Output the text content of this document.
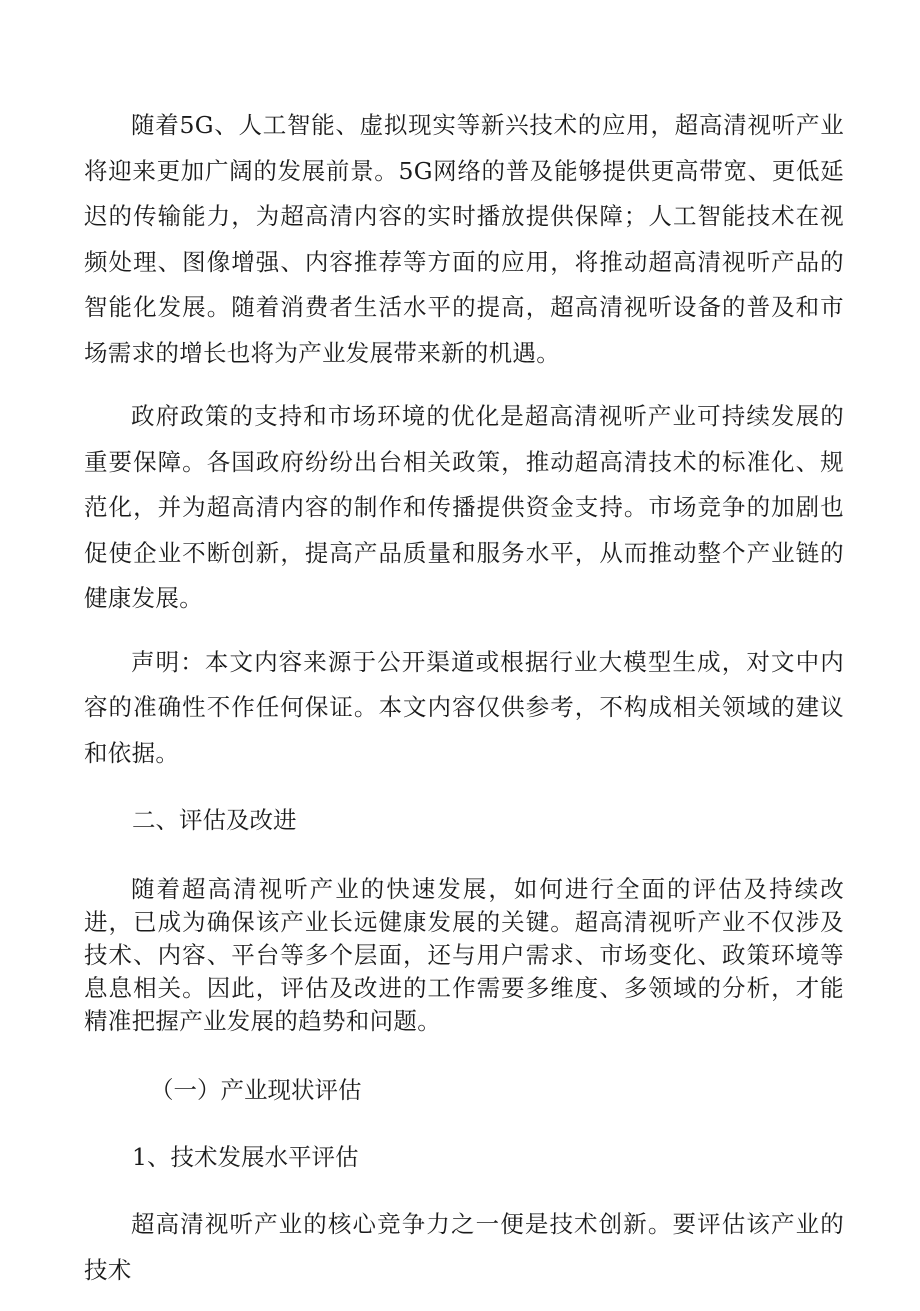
随着5G、人工智能、虚拟现实等新兴技术的应用，超高清视听产业将迎来更加广阔的发展前景。5G网络的普及能够提供更高带宽、更低延迟的传输能力，为超高清内容的实时播放提供保障；人工智能技术在视频处理、图像增强、内容推荐等方面的应用，将推动超高清视听产品的智能化发展。随着消费者生活水平的提高，超高清视听设备的普及和市场需求的增长也将为产业发展带来新的机遇。

政府政策的支持和市场环境的优化是超高清视听产业可持续发展的重要保障。各国政府纷纷出台相关政策，推动超高清技术的标准化、规范化，并为超高清内容的制作和传播提供资金支持。市场竞争的加剧也促使企业不断创新，提高产品质量和服务水平，从而推动整个产业链的健康发展。

声明：本文内容来源于公开渠道或根据行业大模型生成，对文中内容的准确性不作任何保证。本文内容仅供参考，不构成相关领域的建议和依据。

二、评估及改进

随着超高清视听产业的快速发展，如何进行全面的评估及持续改进，已成为确保该产业长远健康发展的关键。超高清视听产业不仅涉及技术、内容、平台等多个层面，还与用户需求、市场变化、政策环境等息息相关。因此，评估及改进的工作需要多维度、多领域的分析，才能精准把握产业发展的趋势和问题。

（一）产业现状评估

1、技术发展水平评估

超高清视听产业的核心竞争力之一便是技术创新。要评估该产业的技术
